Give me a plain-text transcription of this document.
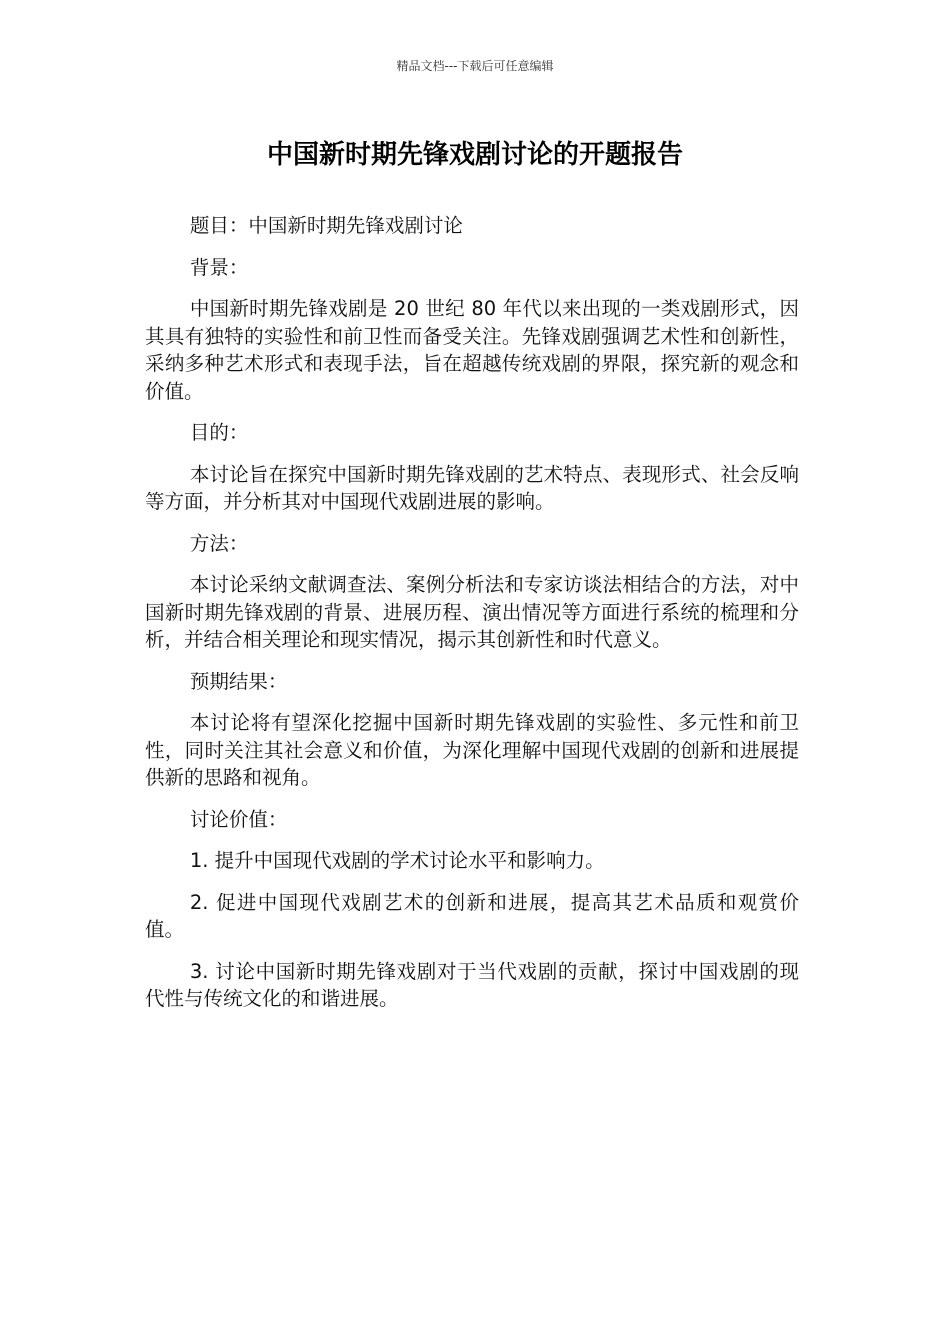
精品文档---下载后可任意编辑
中国新时期先锋戏剧讨论的开题报告

题目：中国新时期先锋戏剧讨论

背景：

中国新时期先锋戏剧是 20 世纪 80 年代以来出现的一类戏剧形式，因其具有独特的实验性和前卫性而备受关注。先锋戏剧强调艺术性和创新性，采纳多种艺术形式和表现手法，旨在超越传统戏剧的界限，探究新的观念和价值。

目的：

本讨论旨在探究中国新时期先锋戏剧的艺术特点、表现形式、社会反响等方面，并分析其对中国现代戏剧进展的影响。

方法：

本讨论采纳文献调查法、案例分析法和专家访谈法相结合的方法，对中国新时期先锋戏剧的背景、进展历程、演出情况等方面进行系统的梳理和分析，并结合相关理论和现实情况，揭示其创新性和时代意义。

预期结果：

本讨论将有望深化挖掘中国新时期先锋戏剧的实验性、多元性和前卫性，同时关注其社会意义和价值，为深化理解中国现代戏剧的创新和进展提供新的思路和视角。

讨论价值：

1. 提升中国现代戏剧的学术讨论水平和影响力。

2. 促进中国现代戏剧艺术的创新和进展，提高其艺术品质和观赏价值。

3. 讨论中国新时期先锋戏剧对于当代戏剧的贡献，探讨中国戏剧的现代性与传统文化的和谐进展。
